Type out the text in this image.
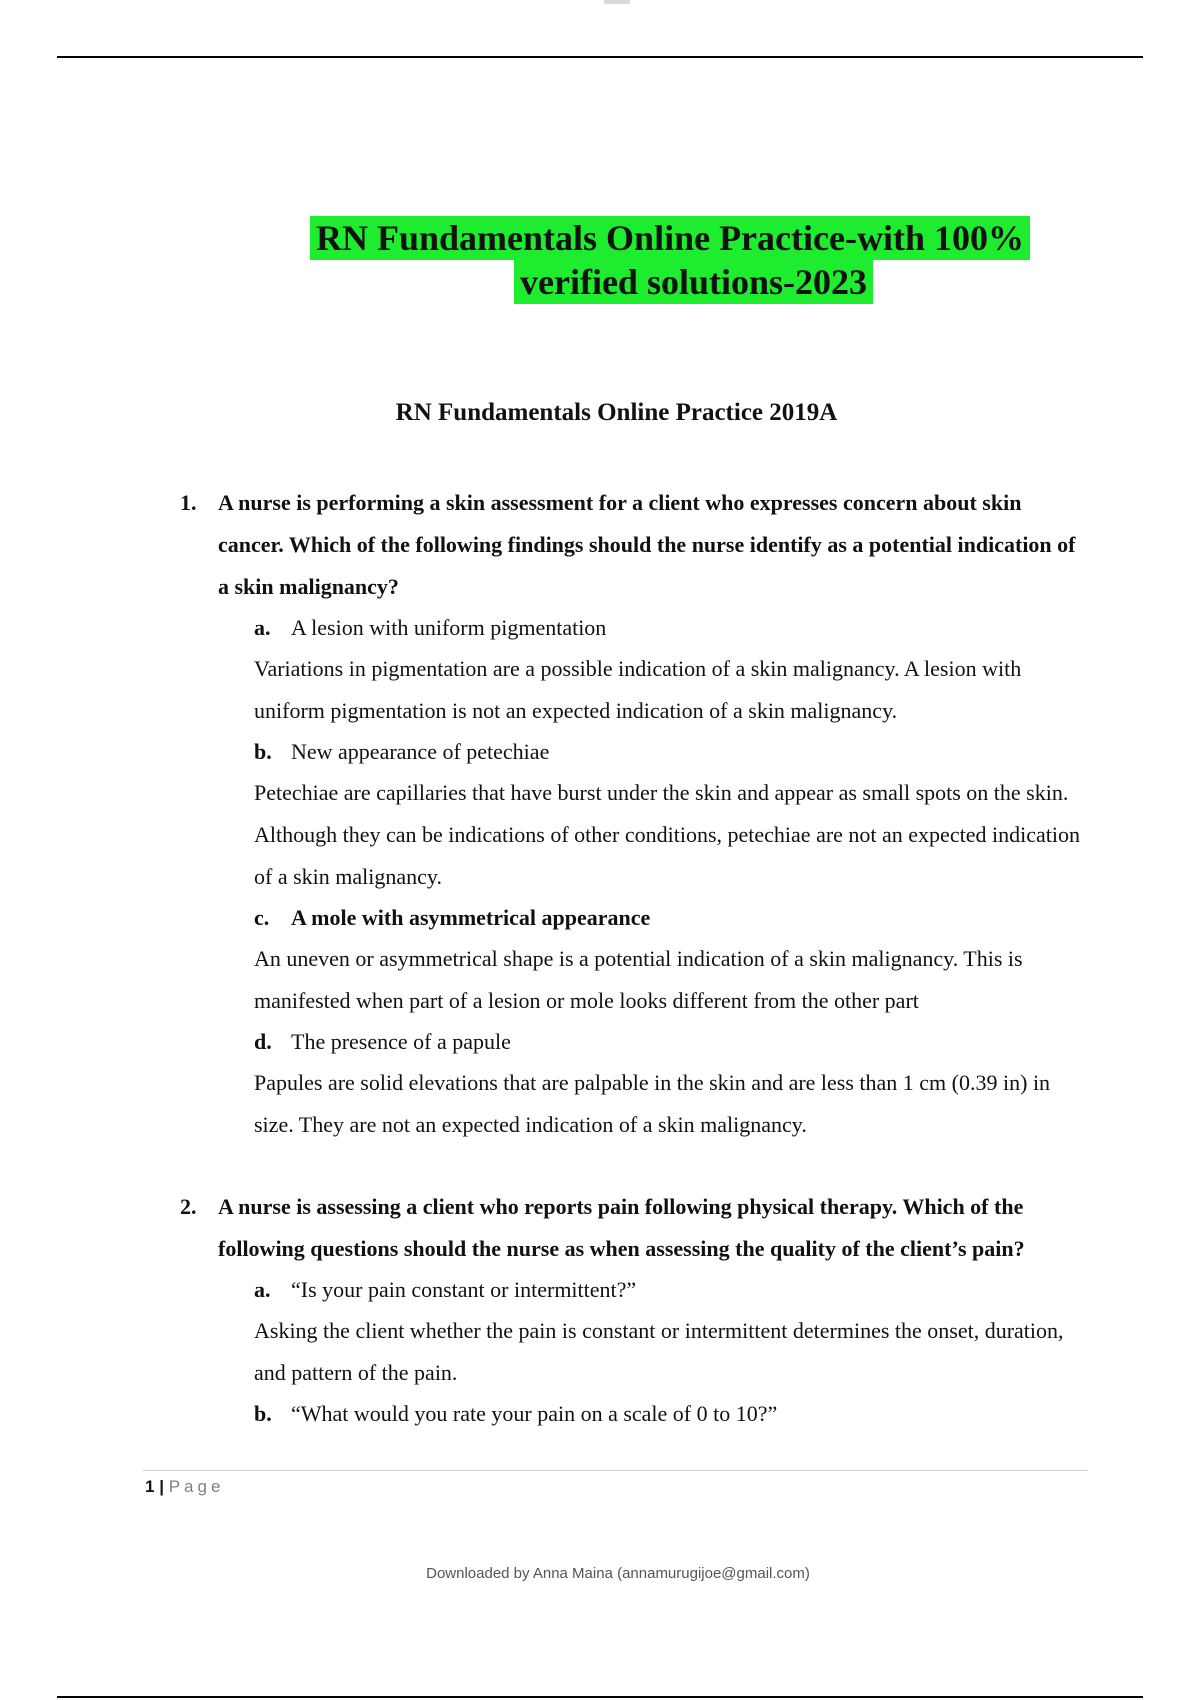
RN Fundamentals Online Practice-with 100%
verified solutions-2023
RN Fundamentals Online Practice 2019A
1. A nurse is performing a skin assessment for a client who expresses concern about skin cancer. Which of the following findings should the nurse identify as a potential indication of a skin malignancy?
a. A lesion with uniform pigmentation
Variations in pigmentation are a possible indication of a skin malignancy. A lesion with uniform pigmentation is not an expected indication of a skin malignancy.
b. New appearance of petechiae
Petechiae are capillaries that have burst under the skin and appear as small spots on the skin. Although they can be indications of other conditions, petechiae are not an expected indication of a skin malignancy.
c. A mole with asymmetrical appearance
An uneven or asymmetrical shape is a potential indication of a skin malignancy. This is manifested when part of a lesion or mole looks different from the other part
d. The presence of a papule
Papules are solid elevations that are palpable in the skin and are less than 1 cm (0.39 in) in size. They are not an expected indication of a skin malignancy.
2. A nurse is assessing a client who reports pain following physical therapy. Which of the following questions should the nurse as when assessing the quality of the client’s pain?
a. “Is your pain constant or intermittent?”
Asking the client whether the pain is constant or intermittent determines the onset, duration, and pattern of the pain.
b. “What would you rate your pain on a scale of 0 to 10?”
1 | Page
Downloaded by Anna Maina (annamurugijoe@gmail.com)
